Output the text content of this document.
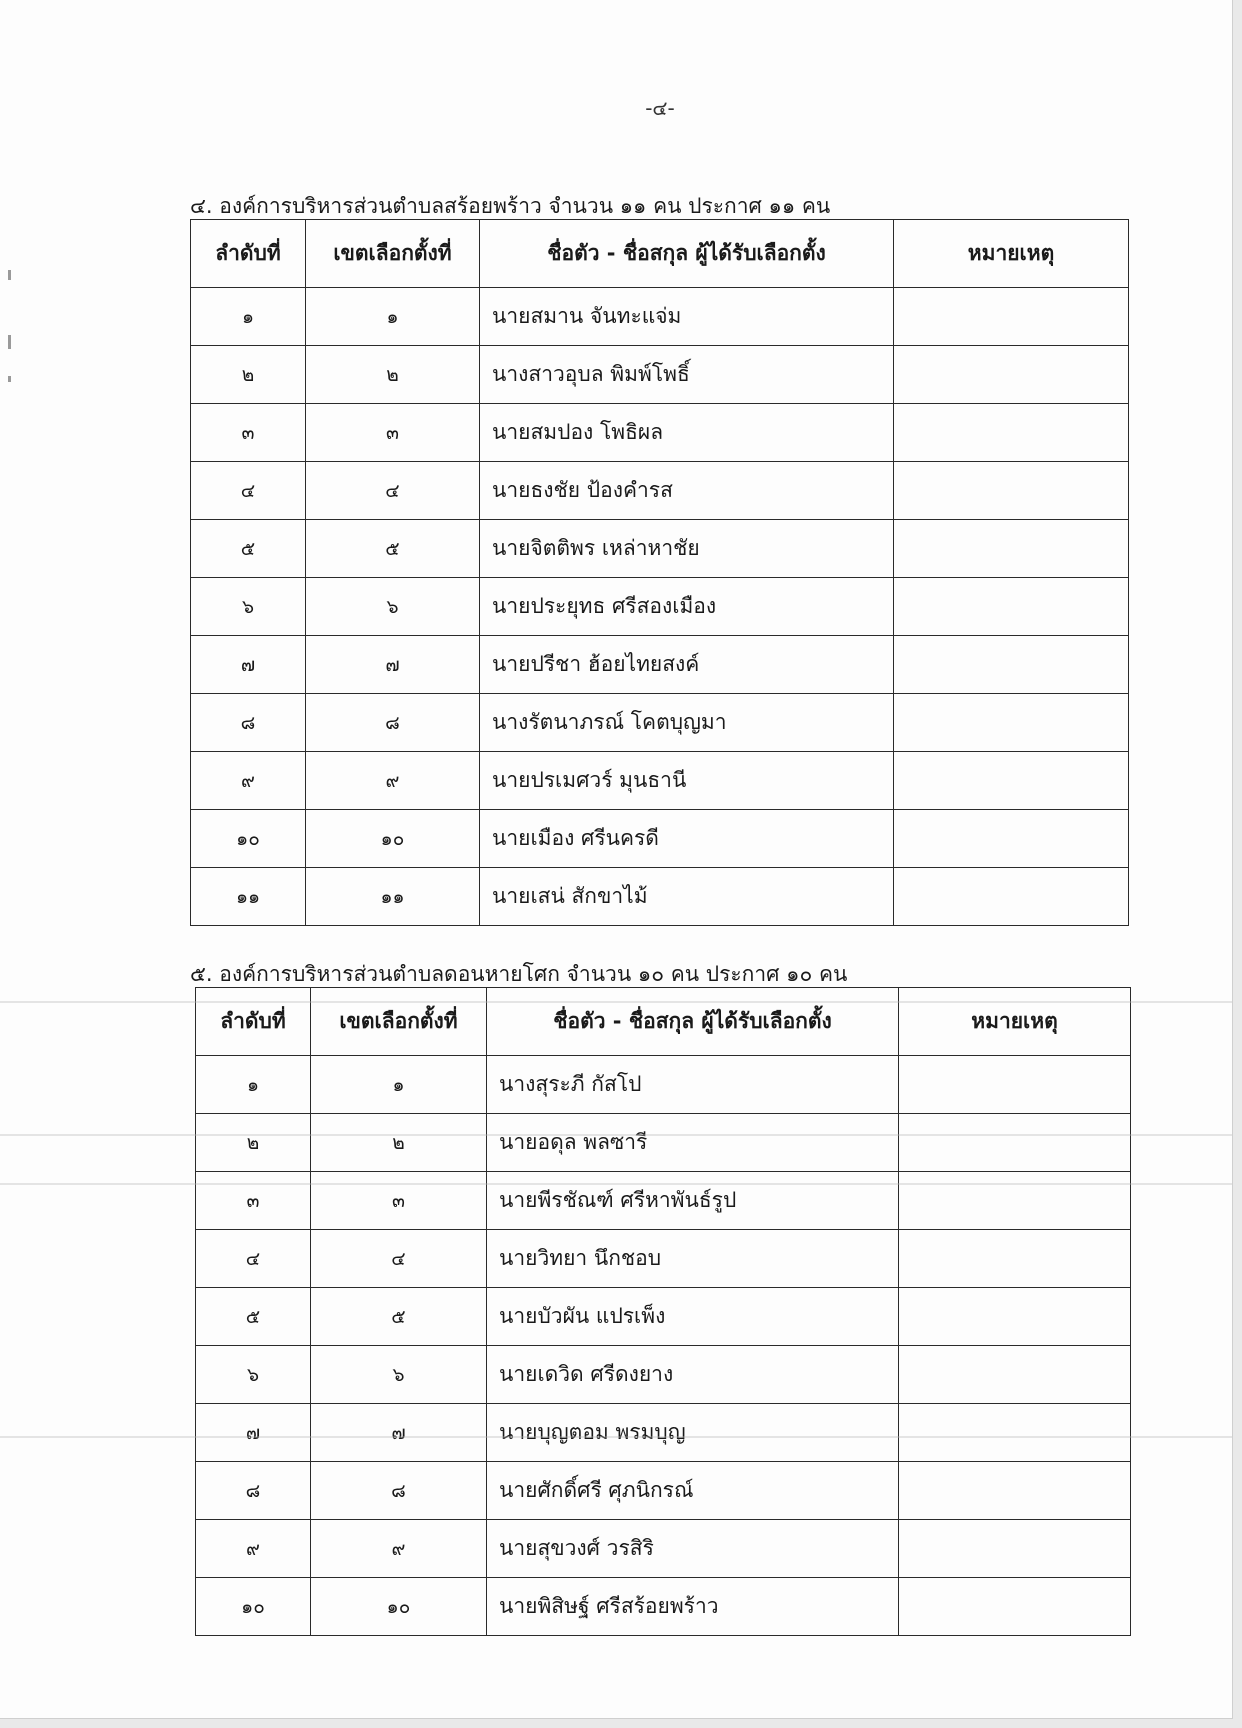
-๔-
๔. องค์การบริหารส่วนตำบลสร้อยพร้าว จำนวน ๑๑ คน ประกาศ ๑๑ คน
ลำดับที่	เขตเลือกตั้งที่	ชื่อตัว - ชื่อสกุล ผู้ได้รับเลือกตั้ง	หมายเหตุ
๑	๑	นายสมาน จันทะแจ่ม	
๒	๒	นางสาวอุบล พิมพ์โพธิ์	
๓	๓	นายสมปอง โพธิผล	
๔	๔	นายธงชัย ป้องคำรส	
๕	๕	นายจิตติพร เหล่าหาชัย	
๖	๖	นายประยุทธ ศรีสองเมือง	
๗	๗	นายปรีชา ฮ้อยไทยสงค์	
๘	๘	นางรัตนาภรณ์ โคตบุญมา	
๙	๙	นายปรเมศวร์ มุนธานี	
๑๐	๑๐	นายเมือง ศรีนครดี	
๑๑	๑๑	นายเสน่ สักขาไม้	
๕. องค์การบริหารส่วนตำบลดอนหายโศก จำนวน ๑๐ คน ประกาศ ๑๐ คน
ลำดับที่	เขตเลือกตั้งที่	ชื่อตัว - ชื่อสกุล ผู้ได้รับเลือกตั้ง	หมายเหตุ
๑	๑	นางสุระภี กัสโป	
๒	๒	นายอดุล พลซารี	
๓	๓	นายพีรชัณฑ์ ศรีหาพันธ์รูป	
๔	๔	นายวิทยา นึกชอบ	
๕	๕	นายบัวผัน แปรเพ็ง	
๖	๖	นายเดวิด ศรีดงยาง	
๗	๗	นายบุญตอม พรมบุญ	
๘	๘	นายศักดิ์ศรี ศุภนิกรณ์	
๙	๙	นายสุขวงศ์ วรสิริ	
๑๐	๑๐	นายพิสิษฐ์ ศรีสร้อยพร้าว	
